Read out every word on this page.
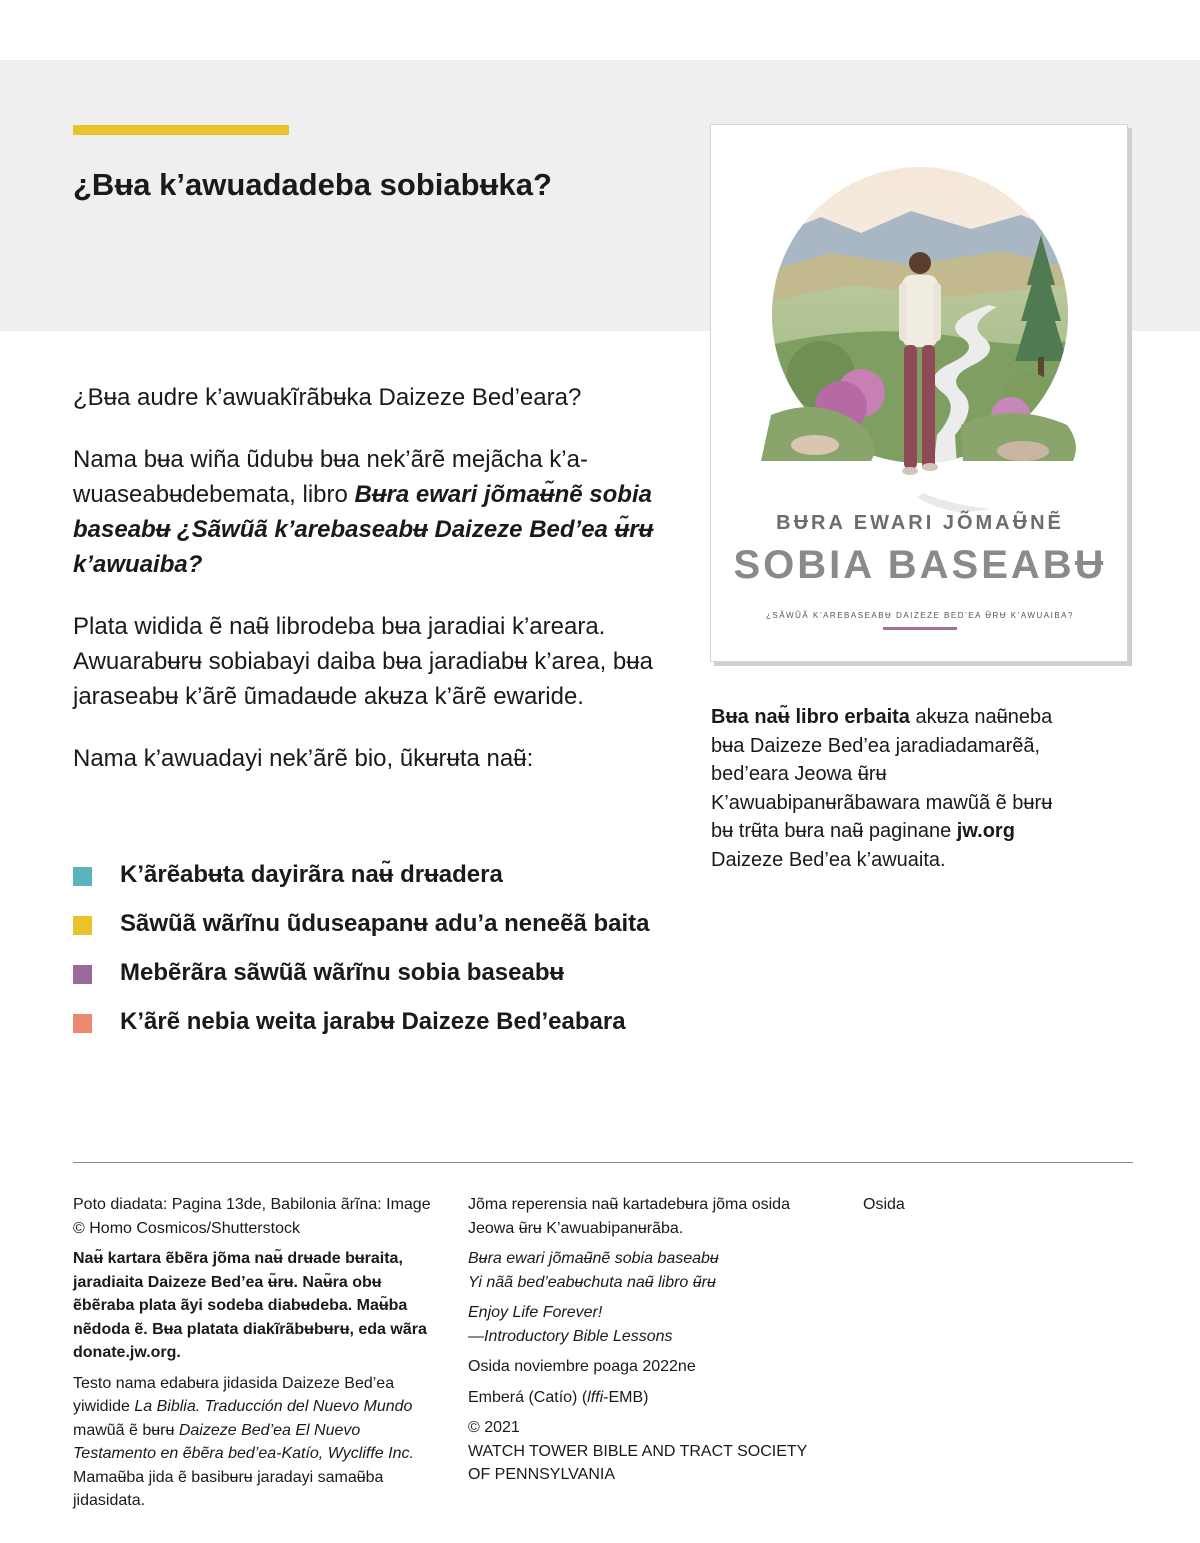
¿Bʉa k’awuadadeba sobiabʉka?
BɄRA EWARI JÕMAɄ̃NẼ
SOBIA BASEABɄ
¿SÃWŨÃ K’AREBASEABɄ DAIZEZE BED’EA Ʉ̃RɄ K’AWUAIBA?

¿Bʉa audre k’awuakĩrãbʉka Daizeze Bed’eara?

Nama bʉa wiña ũdubʉ bʉa nek’ãrẽ mejãcha k’awuaseabʉdebemata, libro Bʉra ewari jõmaʉ̃nẽ sobia baseabʉ ¿Sãwũã k’arebaseabʉ Daizeze Bed’ea ʉ̃rʉ k’awuaiba?

Plata widida ẽ naʉ̃ librodeba bʉa jaradiai k’areara. Awuarabʉrʉ sobiabayi daiba bʉa jaradiabʉ k’area, bʉa jaraseabʉ k’ãrẽ ũmadaʉde akʉza k’ãrẽ ewaride.

Nama k’awuadayi nek’ãrẽ bio, ũkʉrʉta naʉ̃:

K’ãrẽabʉta dayirãra naʉ̃ drʉadera
Sãwũã wãrĩnu ũduseapanʉ adu’a neneẽã baita
Mebẽrãra sãwũã wãrĩnu sobia baseabʉ
K’ãrẽ nebia weita jarabʉ Daizeze Bed’eabara
Bʉa naʉ̃ libro erbaita akʉza naʉ̃neba bʉa Daizeze Bed’ea jaradiadamarẽã, bed’eara Jeowa ʉ̃rʉ K’awuabipanʉrãbawara mawũã ẽ bʉrʉ bʉ trʉ̃ta bʉra naʉ̃ paginane jw.org Daizeze Bed’ea k’awuaita.

Poto diadata: Pagina 13de, Babilonia ãrĩna: Image © Homo Cosmicos/Shutterstock

Naʉ̃ kartara ẽbẽra jõma naʉ̃ drʉade bʉraita, jaradiaita Daizeze Bed’ea ʉ̃rʉ. Naʉ̃ra obʉ ẽbẽraba plata ãyi sodeba diabʉdeba. Maʉ̃ba nẽdoda ẽ. Bʉa platata diakĩrãbʉbʉrʉ, eda wãra donate.jw.org.

Testo nama edabʉra jidasida Daizeze Bed’ea yiwidide La Biblia. Traducción del Nuevo Mundo mawũã ẽ bʉrʉ Daizeze Bed’ea El Nuevo Testamento en ẽbẽra bed’ea-Katío, Wycliffe Inc. Mamaʉ̃ba jida ẽ basibʉrʉ jaradayi samaʉ̃ba jidasidata.

Jõma reperensia naʉ̃ kartadebʉra jõma osida Jeowa ʉ̃rʉ K’awuabipanʉrãba.

Bʉra ewari jõmaʉ̃nẽ sobia baseabʉ
Yi nãã bed’eabʉchuta naʉ̃ libro ʉ̃rʉ

Enjoy Life Forever!
—Introductory Bible Lessons

Osida noviembre poaga 2022ne

Emberá (Catío) (lffi-EMB)

© 2021
WATCH TOWER BIBLE AND TRACT SOCIETY
OF PENNSYLVANIA

Osida
